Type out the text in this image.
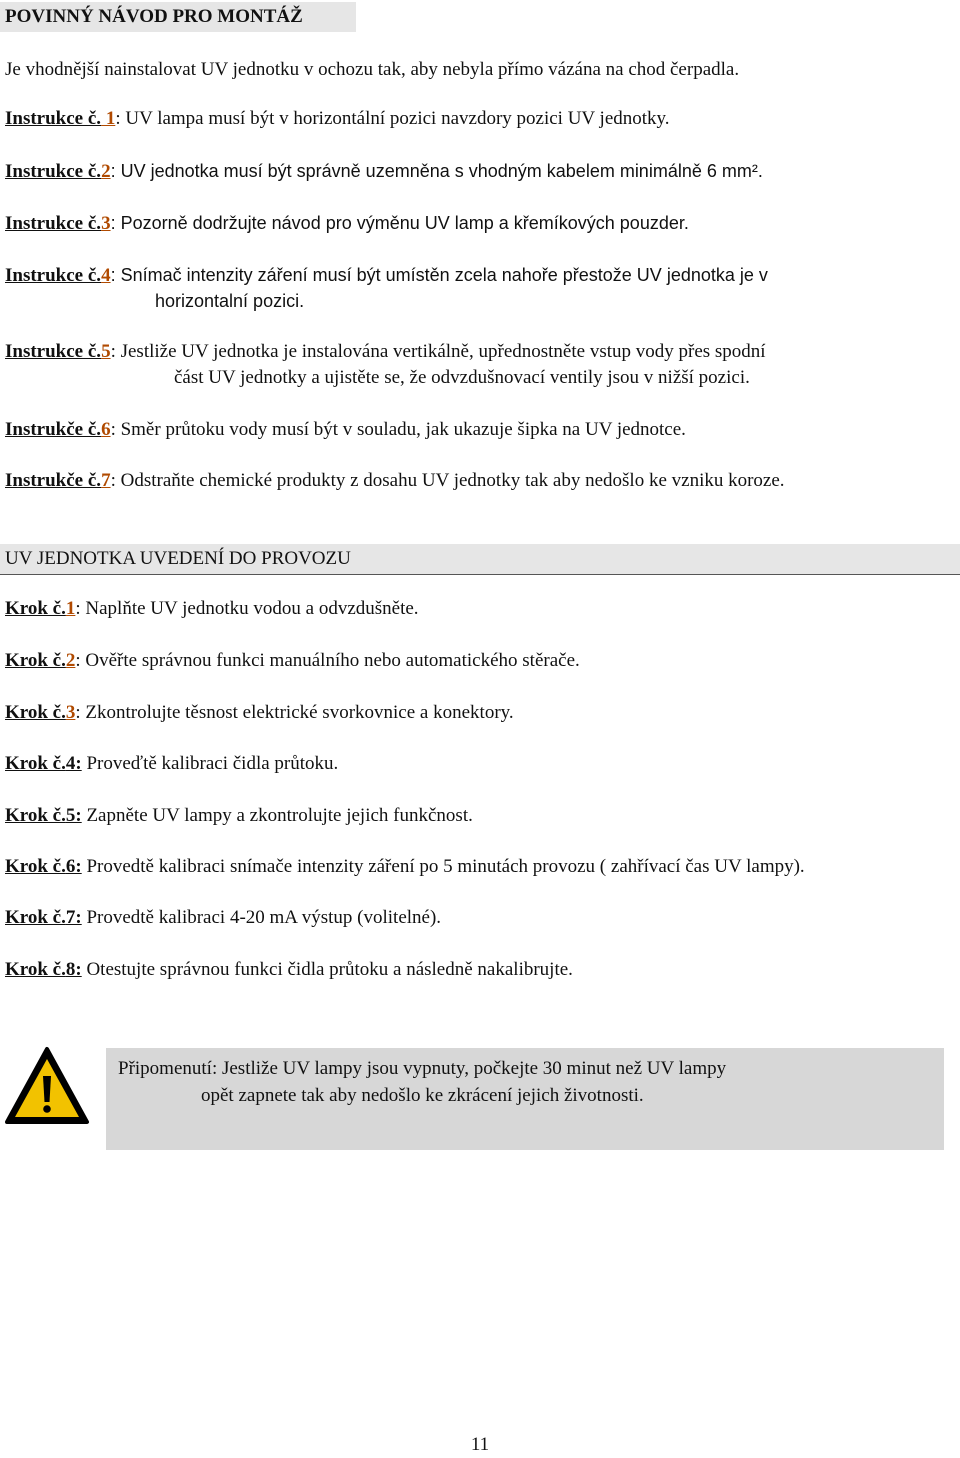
POVINNÝ NÁVOD PRO MONTÁŽ
Je vhodnější nainstalovat UV jednotku v ochozu tak, aby nebyla přímo vázána na chod čerpadla.
Instrukce č. 1: UV lampa musí být v horizontální pozici navzdory pozici UV jednotky.
Instrukce č.2: UV jednotka musí být správně uzemněna s vhodným kabelem minimálně 6 mm².
Instrukce č.3: Pozorně dodržujte návod pro výměnu UV lamp a křemíkových pouzder.
Instrukce č.4: Snímač intenzity záření musí být umístěn zcela nahoře přestože UV jednotka je v
horizontalní pozici.
Instrukce č.5: Jestliže UV jednotka je instalována vertikálně, upřednostněte vstup vody přes spodní
část UV jednotky a ujistěte se, že odvzdušnovací ventily jsou v nižší pozici.
Instrukče č.6: Směr průtoku vody musí být v souladu, jak ukazuje šipka na UV jednotce.
Instrukče č.7: Odstraňte chemické produkty z dosahu UV jednotky tak aby nedošlo ke vzniku koroze.
UV JEDNOTKA UVEDENÍ DO PROVOZU
Krok č.1: Naplňte UV jednotku vodou a odvzdušněte.
Krok č.2: Ověřte správnou funkci manuálního nebo automatického stěrače.
Krok č.3: Zkontrolujte těsnost elektrické svorkovnice a konektory.
Krok č.4: Proveďtě kalibraci čidla průtoku.
Krok č.5: Zapněte UV lampy a zkontrolujte jejich funkčnost.
Krok č.6: Provedtě kalibraci snímače intenzity záření po 5 minutách provozu ( zahřívací čas UV lampy).
Krok č.7: Provedtě kalibraci 4-20 mA výstup (volitelné).
Krok č.8: Otestujte správnou funkci čidla průtoku a následně nakalibrujte.
Připomenutí: Jestliže UV lampy jsou vypnuty, počkejte 30 minut než UV lampy
opět zapnete tak aby nedošlo ke zkrácení jejich životnosti.
11
